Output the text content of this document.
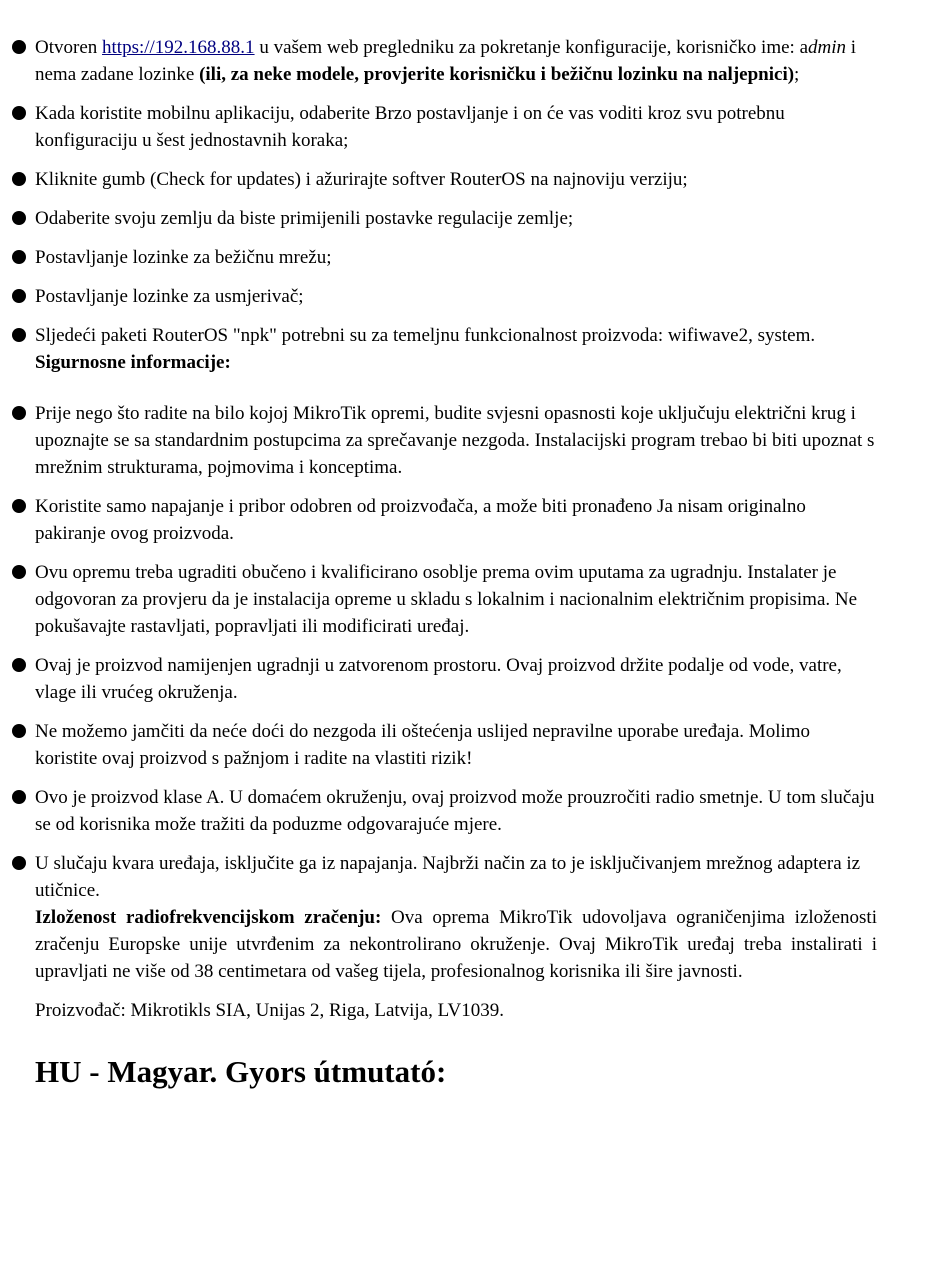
Otvoren https://192.168.88.1 u vašem web pregledniku za pokretanje konfiguracije, korisničko ime: admin i nema zadane lozinke (ili, za neke modele, provjerite korisničku i bežičnu lozinku na naljepnici);
Kada koristite mobilnu aplikaciju, odaberite Brzo postavljanje i on će vas voditi kroz svu potrebnu konfiguraciju u šest jednostavnih koraka;
Kliknite gumb (Check for updates) i ažurirajte softver RouterOS na najnoviju verziju;
Odaberite svoju zemlju da biste primijenili postavke regulacije zemlje;
Postavljanje lozinke za bežičnu mrežu;
Postavljanje lozinke za usmjerivač;
Sljedeći paketi RouterOS "npk" potrebni su za temeljnu funkcionalnost proizvoda: wifiwave2, system.
Sigurnosne informacije:
Prije nego što radite na bilo kojoj MikroTik opremi, budite svjesni opasnosti koje uključuju električni krug i upoznajte se sa standardnim postupcima za sprečavanje nezgoda. Instalacijski program trebao bi biti upoznat s mrežnim strukturama, pojmovima i konceptima.
Koristite samo napajanje i pribor odobren od proizvođača, a može biti pronađeno Ja nisam originalno pakiranje ovog proizvoda.
Ovu opremu treba ugraditi obučeno i kvalificirano osoblje prema ovim uputama za ugradnju. Instalater je odgovoran za provjeru da je instalacija opreme u skladu s lokalnim i nacionalnim električnim propisima. Ne pokušavajte rastavljati, popravljati ili modificirati uređaj.
Ovaj je proizvod namijenjen ugradnji u zatvorenom prostoru. Ovaj proizvod držite podalje od vode, vatre, vlage ili vrućeg okruženja.
Ne možemo jamčiti da neće doći do nezgoda ili oštećenja uslijed nepravilne uporabe uređaja. Molimo koristite ovaj proizvod s pažnjom i radite na vlastiti rizik!
Ovo je proizvod klase A. U domaćem okruženju, ovaj proizvod može prouzročiti radio smetnje. U tom slučaju se od korisnika može tražiti da poduzme odgovarajuće mjere.
U slučaju kvara uređaja, isključite ga iz napajanja. Najbrži način za to je isključivanjem mrežnog adaptera iz utičnice.

Izloženost radiofrekvencijskom zračenju: Ova oprema MikroTik udovoljava ograničenjima izloženosti zračenju Europske unije utvrđenim za nekontrolirano okruženje. Ovaj MikroTik uređaj treba instalirati i upravljati ne više od 38 centimetara od vašeg tijela, profesionalnog korisnika ili šire javnosti.

Proizvođač: Mikrotikls SIA, Unijas 2, Riga, Latvija, LV1039.

HU - Magyar. Gyors útmutató:
